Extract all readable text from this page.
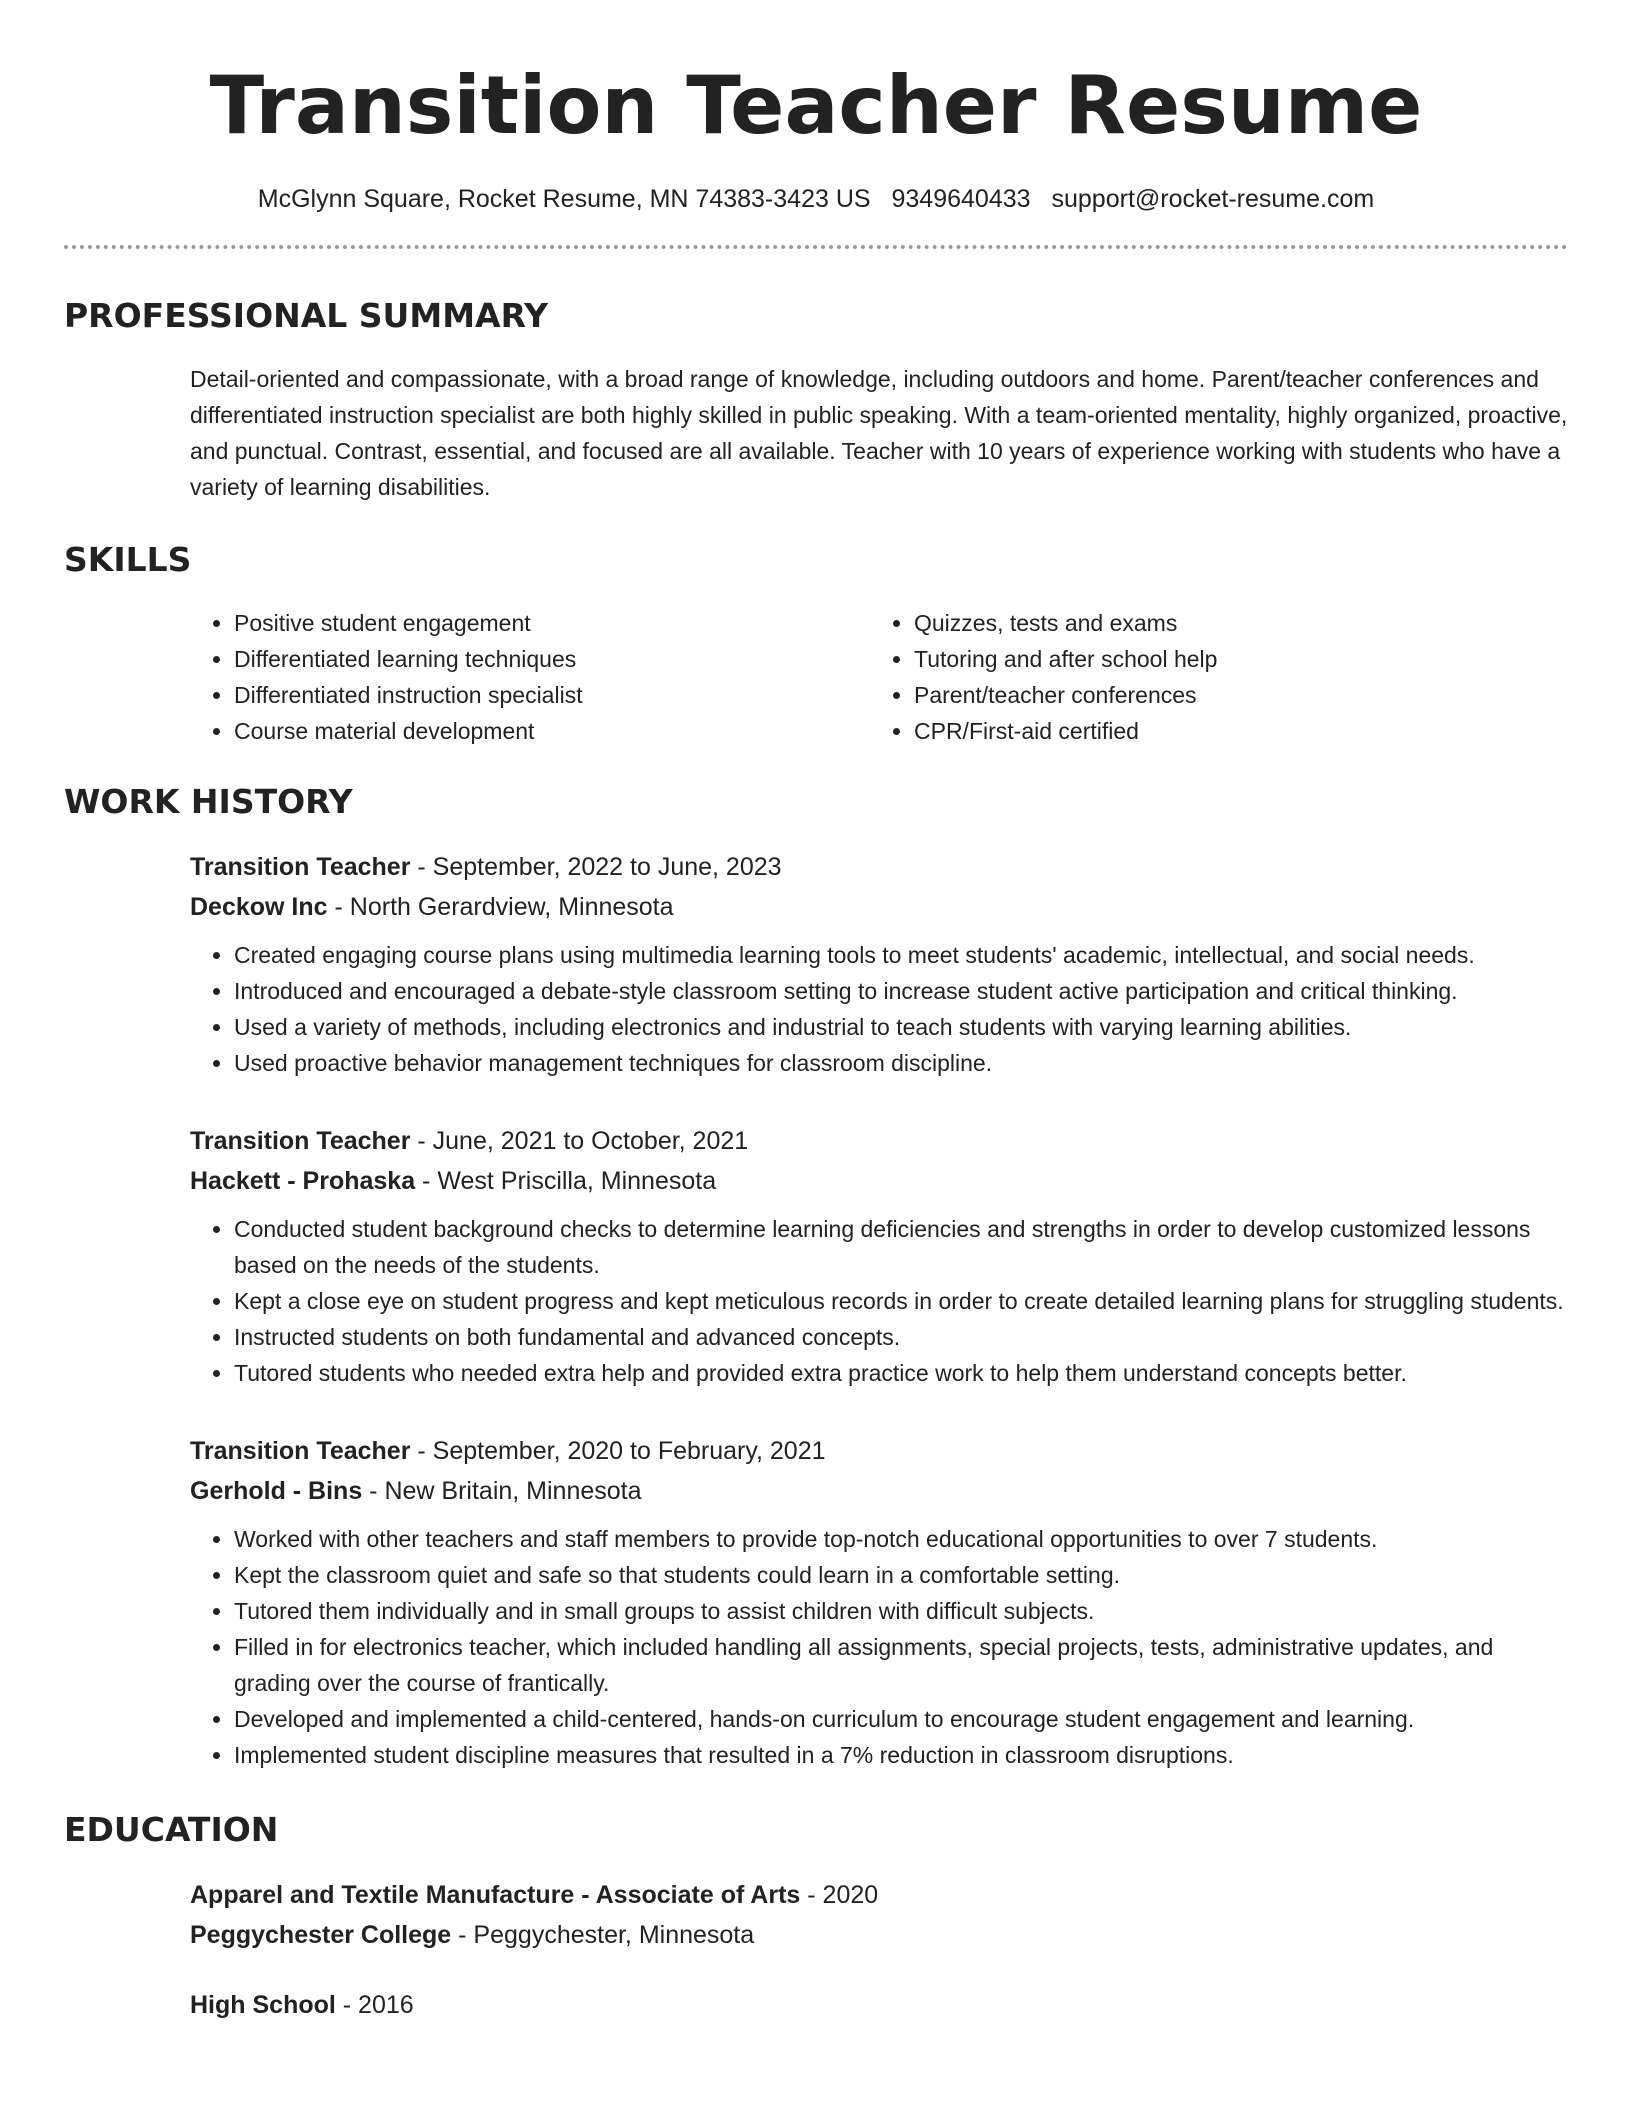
Transition Teacher Resume
McGlynn Square, Rocket Resume, MN 74383-3423 US 9349640433 support@rocket-resume.com
PROFESSIONAL SUMMARY

Detail-oriented and compassionate, with a broad range of knowledge, including outdoors and home. Parent/teacher conferences and differentiated instruction specialist are both highly skilled in public speaking. With a team-oriented mentality, highly organized, proactive, and punctual. Contrast, essential, and focused are all available. Teacher with 10 years of experience working with students who have a variety of learning disabilities.

SKILLS
• Positive student engagement
• Differentiated learning techniques
• Differentiated instruction specialist
• Course material development
• Quizzes, tests and exams
• Tutoring and after school help
• Parent/teacher conferences
• CPR/First-aid certified
WORK HISTORY
Transition Teacher - September, 2022 to June, 2023
Deckow Inc - North Gerardview, Minnesota
• Created engaging course plans using multimedia learning tools to meet students' academic, intellectual, and social needs.
• Introduced and encouraged a debate-style classroom setting to increase student active participation and critical thinking.
• Used a variety of methods, including electronics and industrial to teach students with varying learning abilities.
• Used proactive behavior management techniques for classroom discipline.
Transition Teacher - June, 2021 to October, 2021
Hackett - Prohaska - West Priscilla, Minnesota
• Conducted student background checks to determine learning deficiencies and strengths in order to develop customized lessons based on the needs of the students.
• Kept a close eye on student progress and kept meticulous records in order to create detailed learning plans for struggling students.
• Instructed students on both fundamental and advanced concepts.
• Tutored students who needed extra help and provided extra practice work to help them understand concepts better.
Transition Teacher - September, 2020 to February, 2021
Gerhold - Bins - New Britain, Minnesota
• Worked with other teachers and staff members to provide top-notch educational opportunities to over 7 students.
• Kept the classroom quiet and safe so that students could learn in a comfortable setting.
• Tutored them individually and in small groups to assist children with difficult subjects.
• Filled in for electronics teacher, which included handling all assignments, special projects, tests, administrative updates, and grading over the course of frantically.
• Developed and implemented a child-centered, hands-on curriculum to encourage student engagement and learning.
• Implemented student discipline measures that resulted in a 7% reduction in classroom disruptions.
EDUCATION
Apparel and Textile Manufacture - Associate of Arts - 2020
Peggychester College - Peggychester, Minnesota
High School - 2016
